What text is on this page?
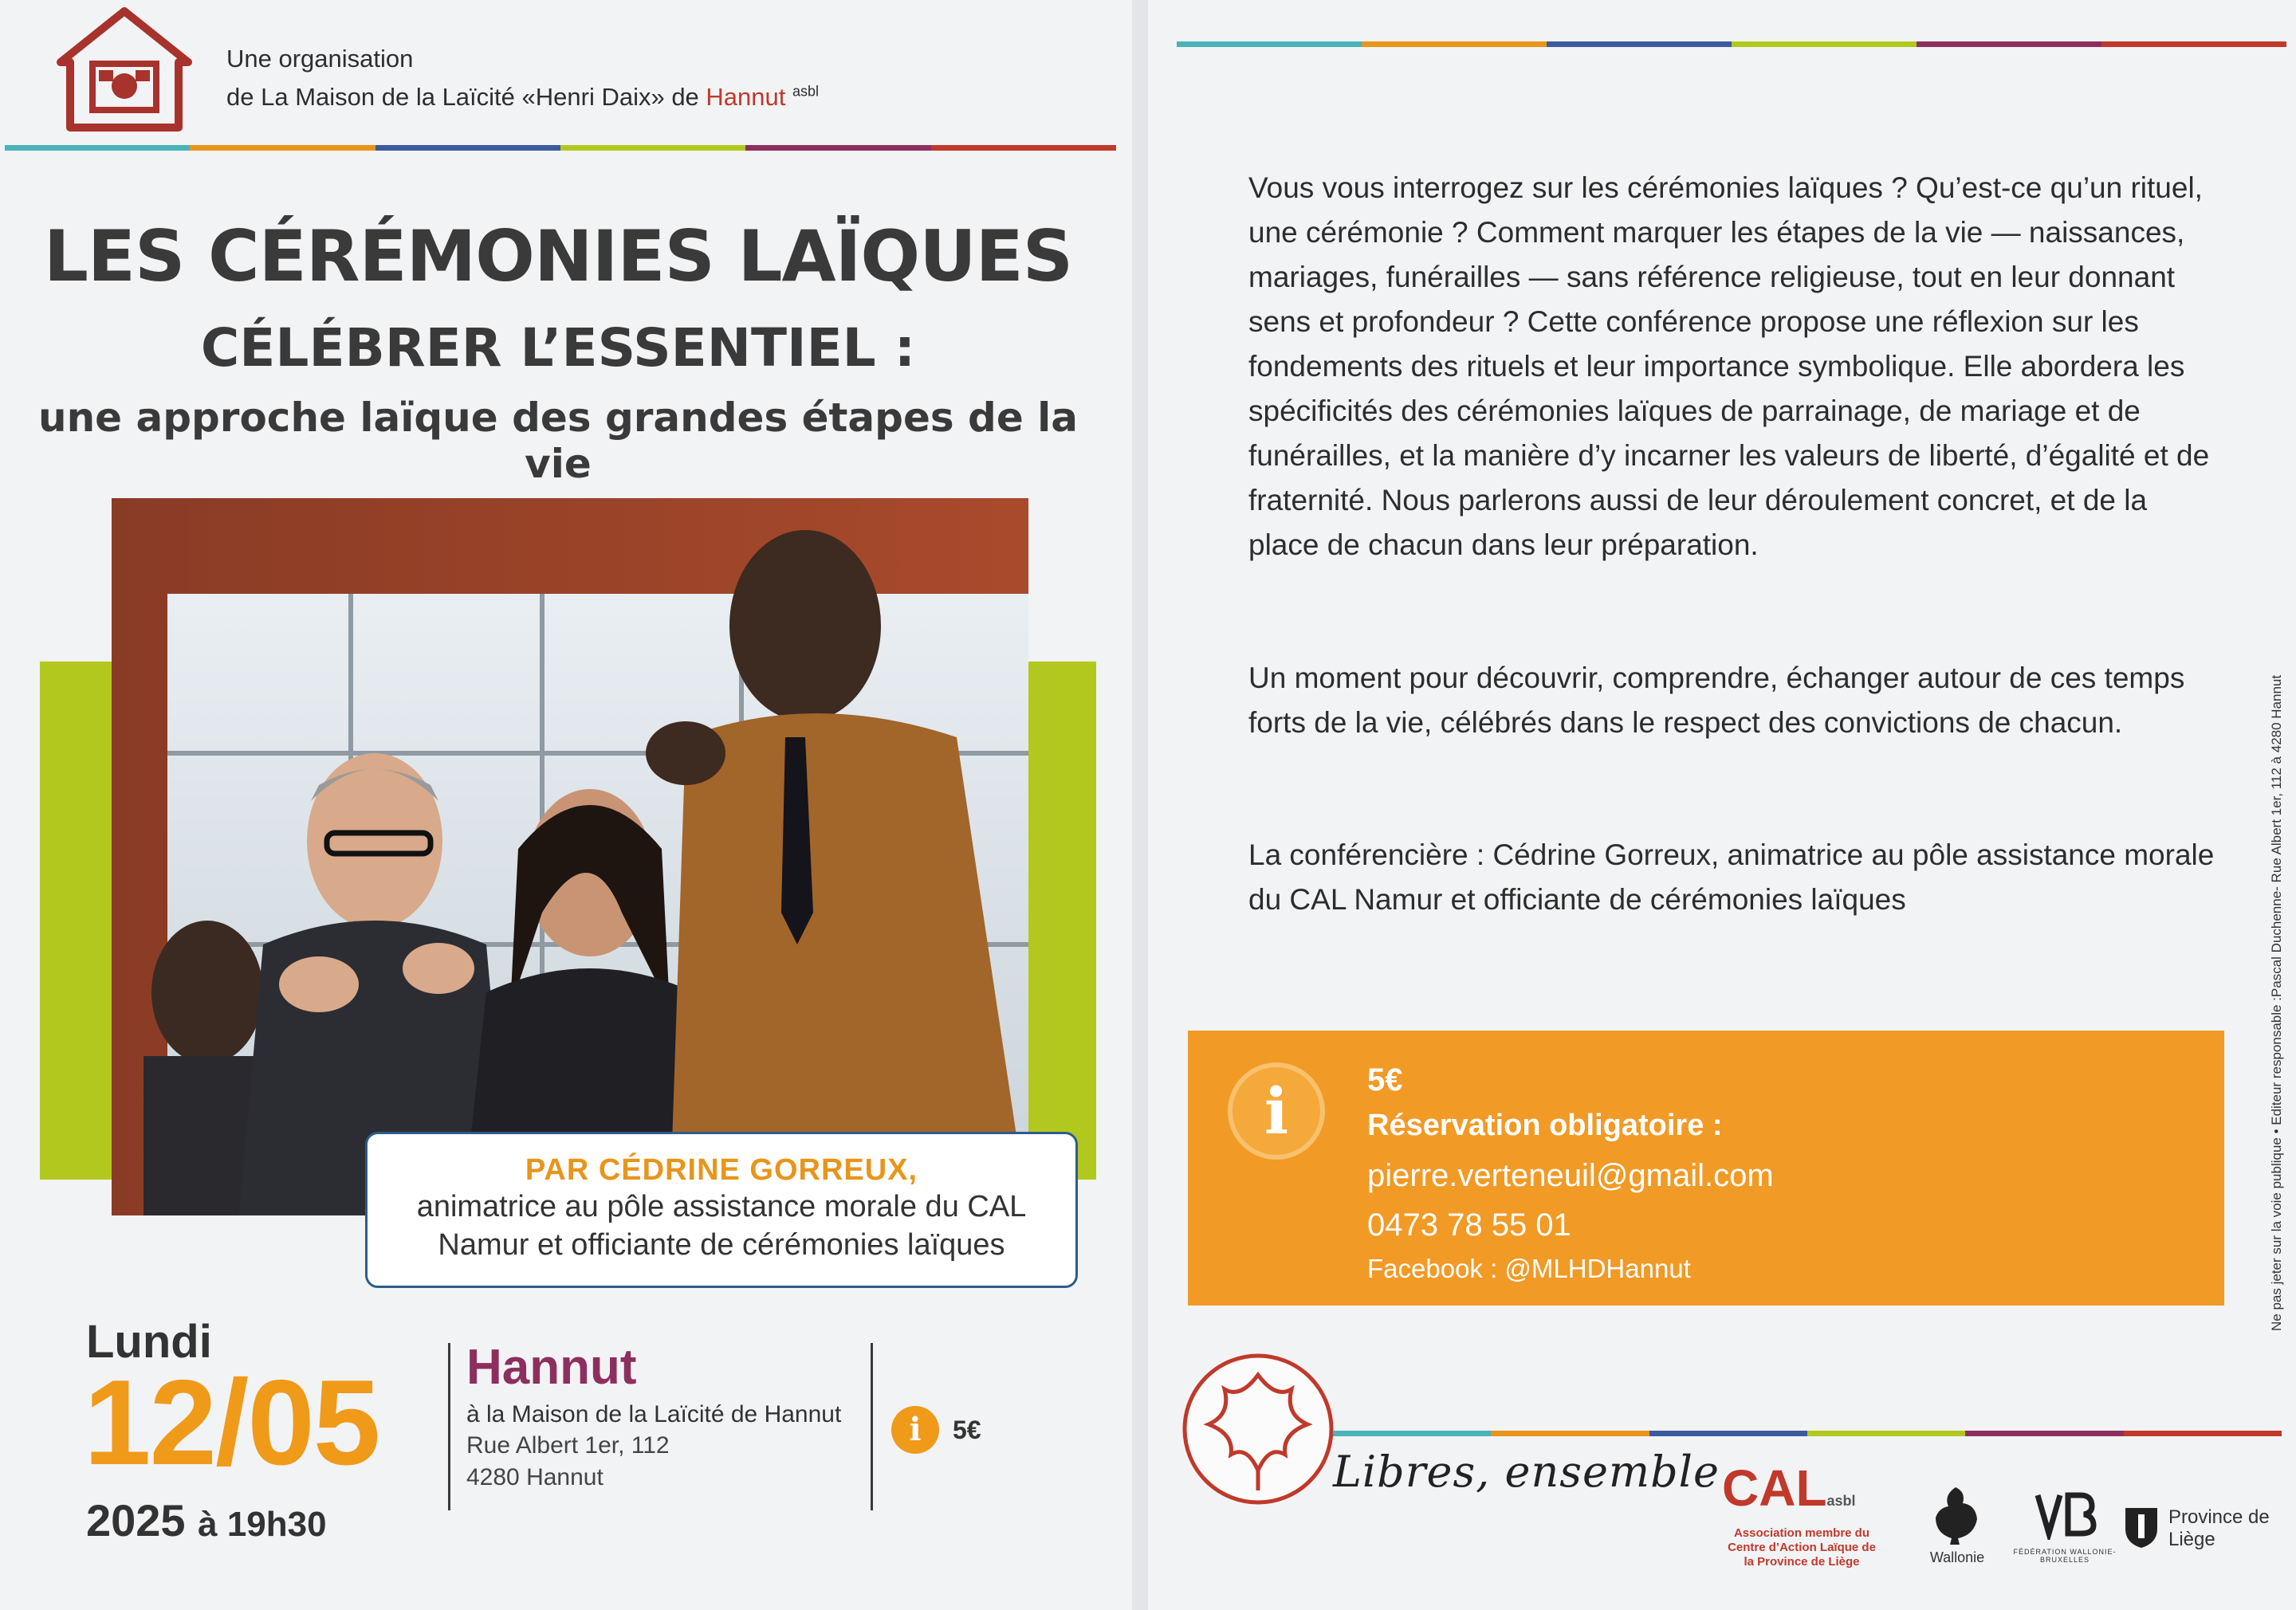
Une organisation
de La Maison de la Laïcité «Henri Daix» de Hannut $^{asbl}$
LES CÉRÉMONIES LAÏQUES
CÉLÉBRER L’ESSENTIEL :
une approche laïque des grandes étapes de la vie
PAR CÉDRINE GORREUX,
animatrice au pôle assistance morale du CAL Namur et officiante de cérémonies laïques
Lundi
12/05
2025 à 19h30
Hannut
à la Maison de la Laïcité de Hannut
Rue Albert 1er, 112
4280 Hannut
i	5€

Vous vous interrogez sur les cérémonies laïques ? Qu’est-ce qu’un rituel, une cérémonie ? Comment marquer les étapes de la vie — naissances, mariages, funérailles — sans référence religieuse, tout en leur donnant sens et profondeur ? Cette conférence propose une réflexion sur les fondements des rituels et leur importance symbolique. Elle abordera les spécificités des cérémonies laïques de parrainage, de mariage et de funérailles, et la manière d’y incarner les valeurs de liberté, d’égalité et de fraternité. Nous parlerons aussi de leur déroulement concret, et de la place de chacun dans leur préparation.

Un moment pour découvrir, comprendre, échanger autour de ces temps forts de la vie, célébrés dans le respect des convictions de chacun.

La conférencière : Cédrine Gorreux, animatrice au pôle assistance morale du CAL Namur et officiante de cérémonies laïques

i	5€
Réservation obligatoire :
pierre.verteneuil@gmail.com
0473 78 55 01
Facebook : @MLHDHannut
Libres, ensemble CALasbl
Association membre du Centre d’Action Laïque de la Province de Liège	Wallonie	FÉDÉRATION WALLONIE-BRUXELLES
Province de Liège
Ne pas jeter sur la voie publique • Editeur responsable :Pascal Duchenne- Rue Albert 1er, 112 à 4280 Hannut
